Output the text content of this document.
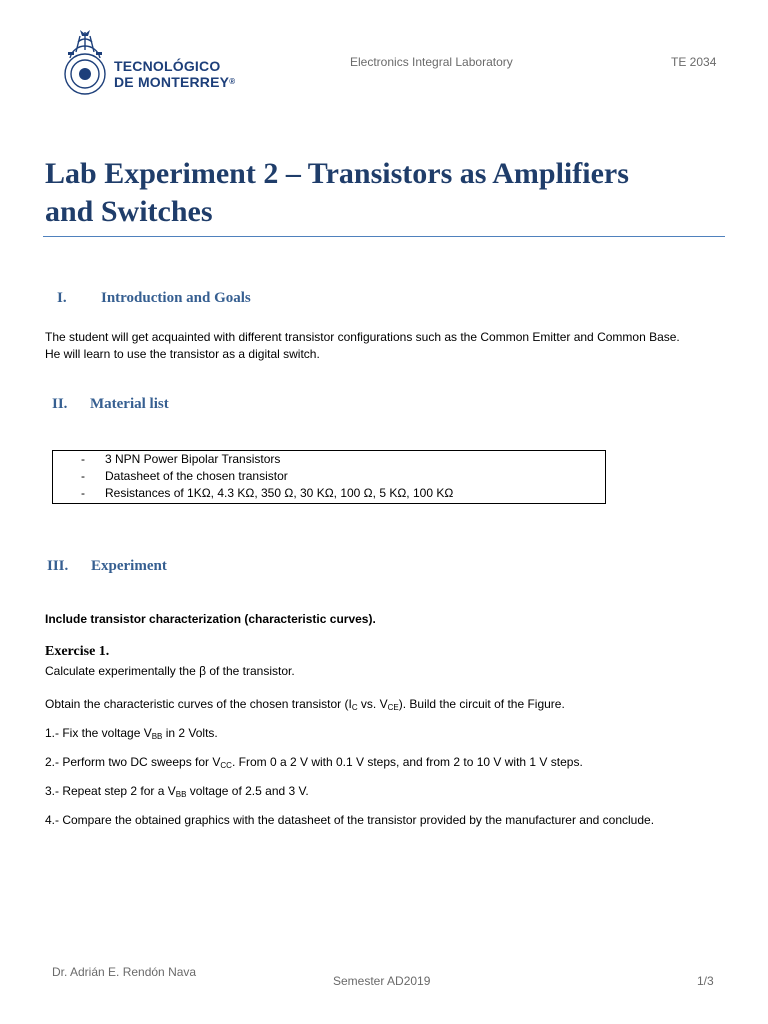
TECNOLÓGICO
DE MONTERREY®
Electronics Integral Laboratory	TE 2034
Lab Experiment 2 – Transistors as Amplifiers
and Switches
I. Introduction and Goals
The student will get acquainted with different transistor configurations such as the Common Emitter and Common Base.
He will learn to use the transistor as a digital switch.
II. Material list
- 3 NPN Power Bipolar Transistors
- Datasheet of the chosen transistor
- Resistances of 1KΩ, 4.3 KΩ, 350 Ω, 30 KΩ, 100 Ω, 5 KΩ, 100 KΩ
III. Experiment
Include transistor characterization (characteristic curves).
Exercise 1.
Calculate experimentally the β of the transistor.
Obtain the characteristic curves of the chosen transistor ($I_C$ vs. $V_{CE}$). Build the circuit of the Figure.
1.- Fix the voltage $V_{BB}$ in 2 Volts.
2.- Perform two DC sweeps for $V_{CC}$. From 0 a 2 V with 0.1 V steps, and from 2 to 10 V with 1 V steps.
3.- Repeat step 2 for a $V_{BB}$ voltage of 2.5 and 3 V.
4.- Compare the obtained graphics with the datasheet of the transistor provided by the manufacturer and conclude.
Dr. Adrián E. Rendón Nava
Semester AD2019	1/3
